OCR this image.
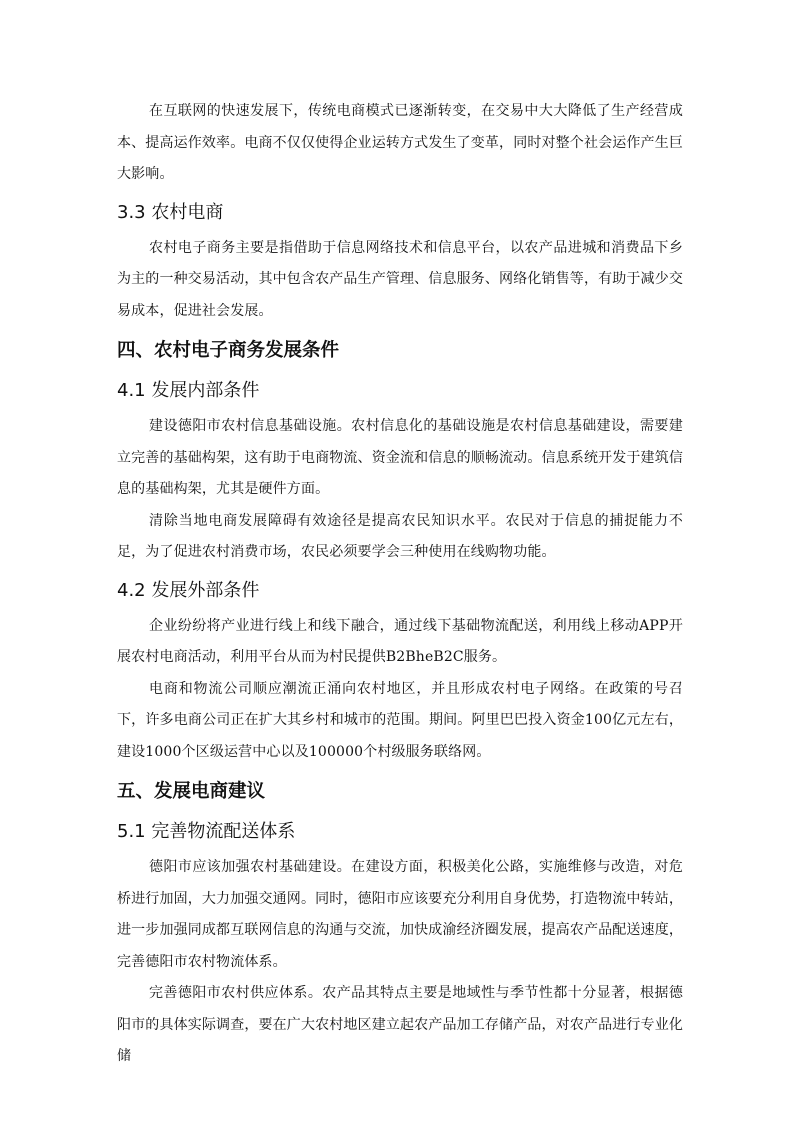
在互联网的快速发展下，传统电商模式已逐渐转变，在交易中大大降低了生产经营成本、提高运作效率。电商不仅仅使得企业运转方式发生了变革，同时对整个社会运作产生巨大影响。

3.3 农村电商

农村电子商务主要是指借助于信息网络技术和信息平台，以农产品进城和消费品下乡为主的一种交易活动，其中包含农产品生产管理、信息服务、网络化销售等，有助于减少交易成本，促进社会发展。

四、农村电子商务发展条件
4.1 发展内部条件

建设德阳市农村信息基础设施。农村信息化的基础设施是农村信息基础建设，需要建立完善的基础构架，这有助于电商物流、资金流和信息的顺畅流动。信息系统开发于建筑信息的基础构架，尤其是硬件方面。

清除当地电商发展障碍有效途径是提高农民知识水平。农民对于信息的捕捉能力不足，为了促进农村消费市场，农民必须要学会三种使用在线购物功能。

4.2 发展外部条件

企业纷纷将产业进行线上和线下融合，通过线下基础物流配送，利用线上移动APP开展农村电商活动，利用平台从而为村民提供B2BheB2C服务。

电商和物流公司顺应潮流正涌向农村地区，并且形成农村电子网络。在政策的号召下，许多电商公司正在扩大其乡村和城市的范围。期间。阿里巴巴投入资金100亿元左右，建设1000个区级运营中心以及100000个村级服务联络网。

五、发展电商建议
5.1 完善物流配送体系

德阳市应该加强农村基础建设。在建设方面，积极美化公路，实施维修与改造，对危桥进行加固，大力加强交通网。同时，德阳市应该要充分利用自身优势，打造物流中转站，进一步加强同成都互联网信息的沟通与交流，加快成渝经济圈发展，提高农产品配送速度，完善德阳市农村物流体系。

完善德阳市农村供应体系。农产品其特点主要是地域性与季节性都十分显著，根据德阳市的具体实际调查，要在广大农村地区建立起农产品加工存储产品，对农产品进行专业化储
